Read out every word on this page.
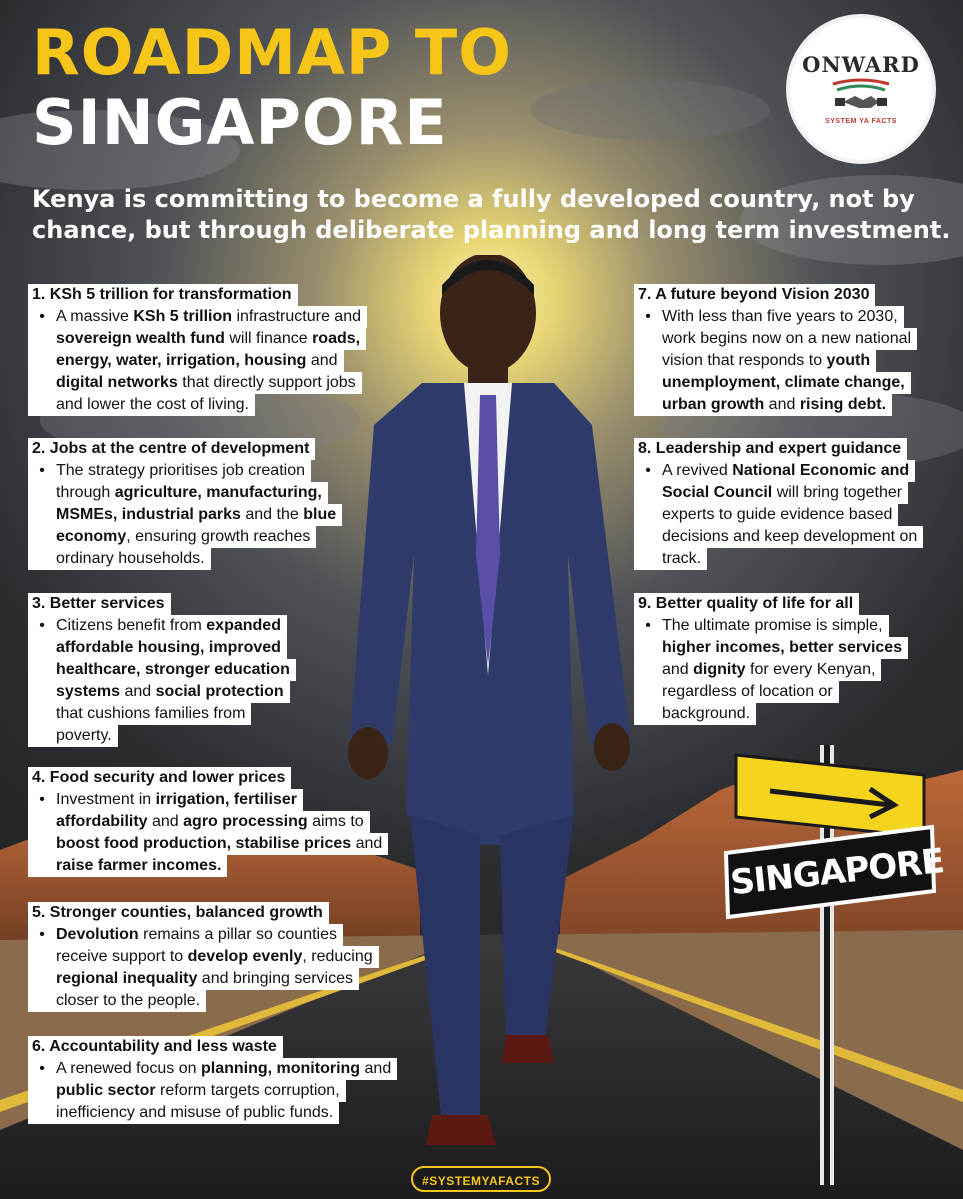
ROADMAP TO
SINGAPORE
ONWARD
SYSTEM YA FACTS
Kenya is committing to become a fully developed country, not by chance, but through deliberate planning and long term investment.
SINGAPORE
1. KSh 5 trillion for transformation
• A massive KSh 5 trillion infrastructure and
sovereign wealth fund will finance roads,
energy, water, irrigation, housing and
digital networks that directly support jobs
and lower the cost of living.
2. Jobs at the centre of development
• The strategy prioritises job creation
through agriculture, manufacturing,
MSMEs, industrial parks and the blue
economy, ensuring growth reaches
ordinary households.
3. Better services
• Citizens benefit from expanded
affordable housing, improved
healthcare, stronger education
systems and social protection
that cushions families from
poverty.
4. Food security and lower prices
• Investment in irrigation, fertiliser
affordability and agro processing aims to
boost food production, stabilise prices and
raise farmer incomes.
5. Stronger counties, balanced growth
• Devolution remains a pillar so counties
receive support to develop evenly, reducing
regional inequality and bringing services
closer to the people.
6. Accountability and less waste
• A renewed focus on planning, monitoring and
public sector reform targets corruption,
inefficiency and misuse of public funds.
7. A future beyond Vision 2030
• With less than five years to 2030,
work begins now on a new national
vision that responds to youth
unemployment, climate change,
urban growth and rising debt.
8. Leadership and expert guidance
• A revived National Economic and
Social Council will bring together
experts to guide evidence based
decisions and keep development on
track.
9. Better quality of life for all
• The ultimate promise is simple,
higher incomes, better services
and dignity for every Kenyan,
regardless of location or
background.
#SYSTEMYAFACTS
